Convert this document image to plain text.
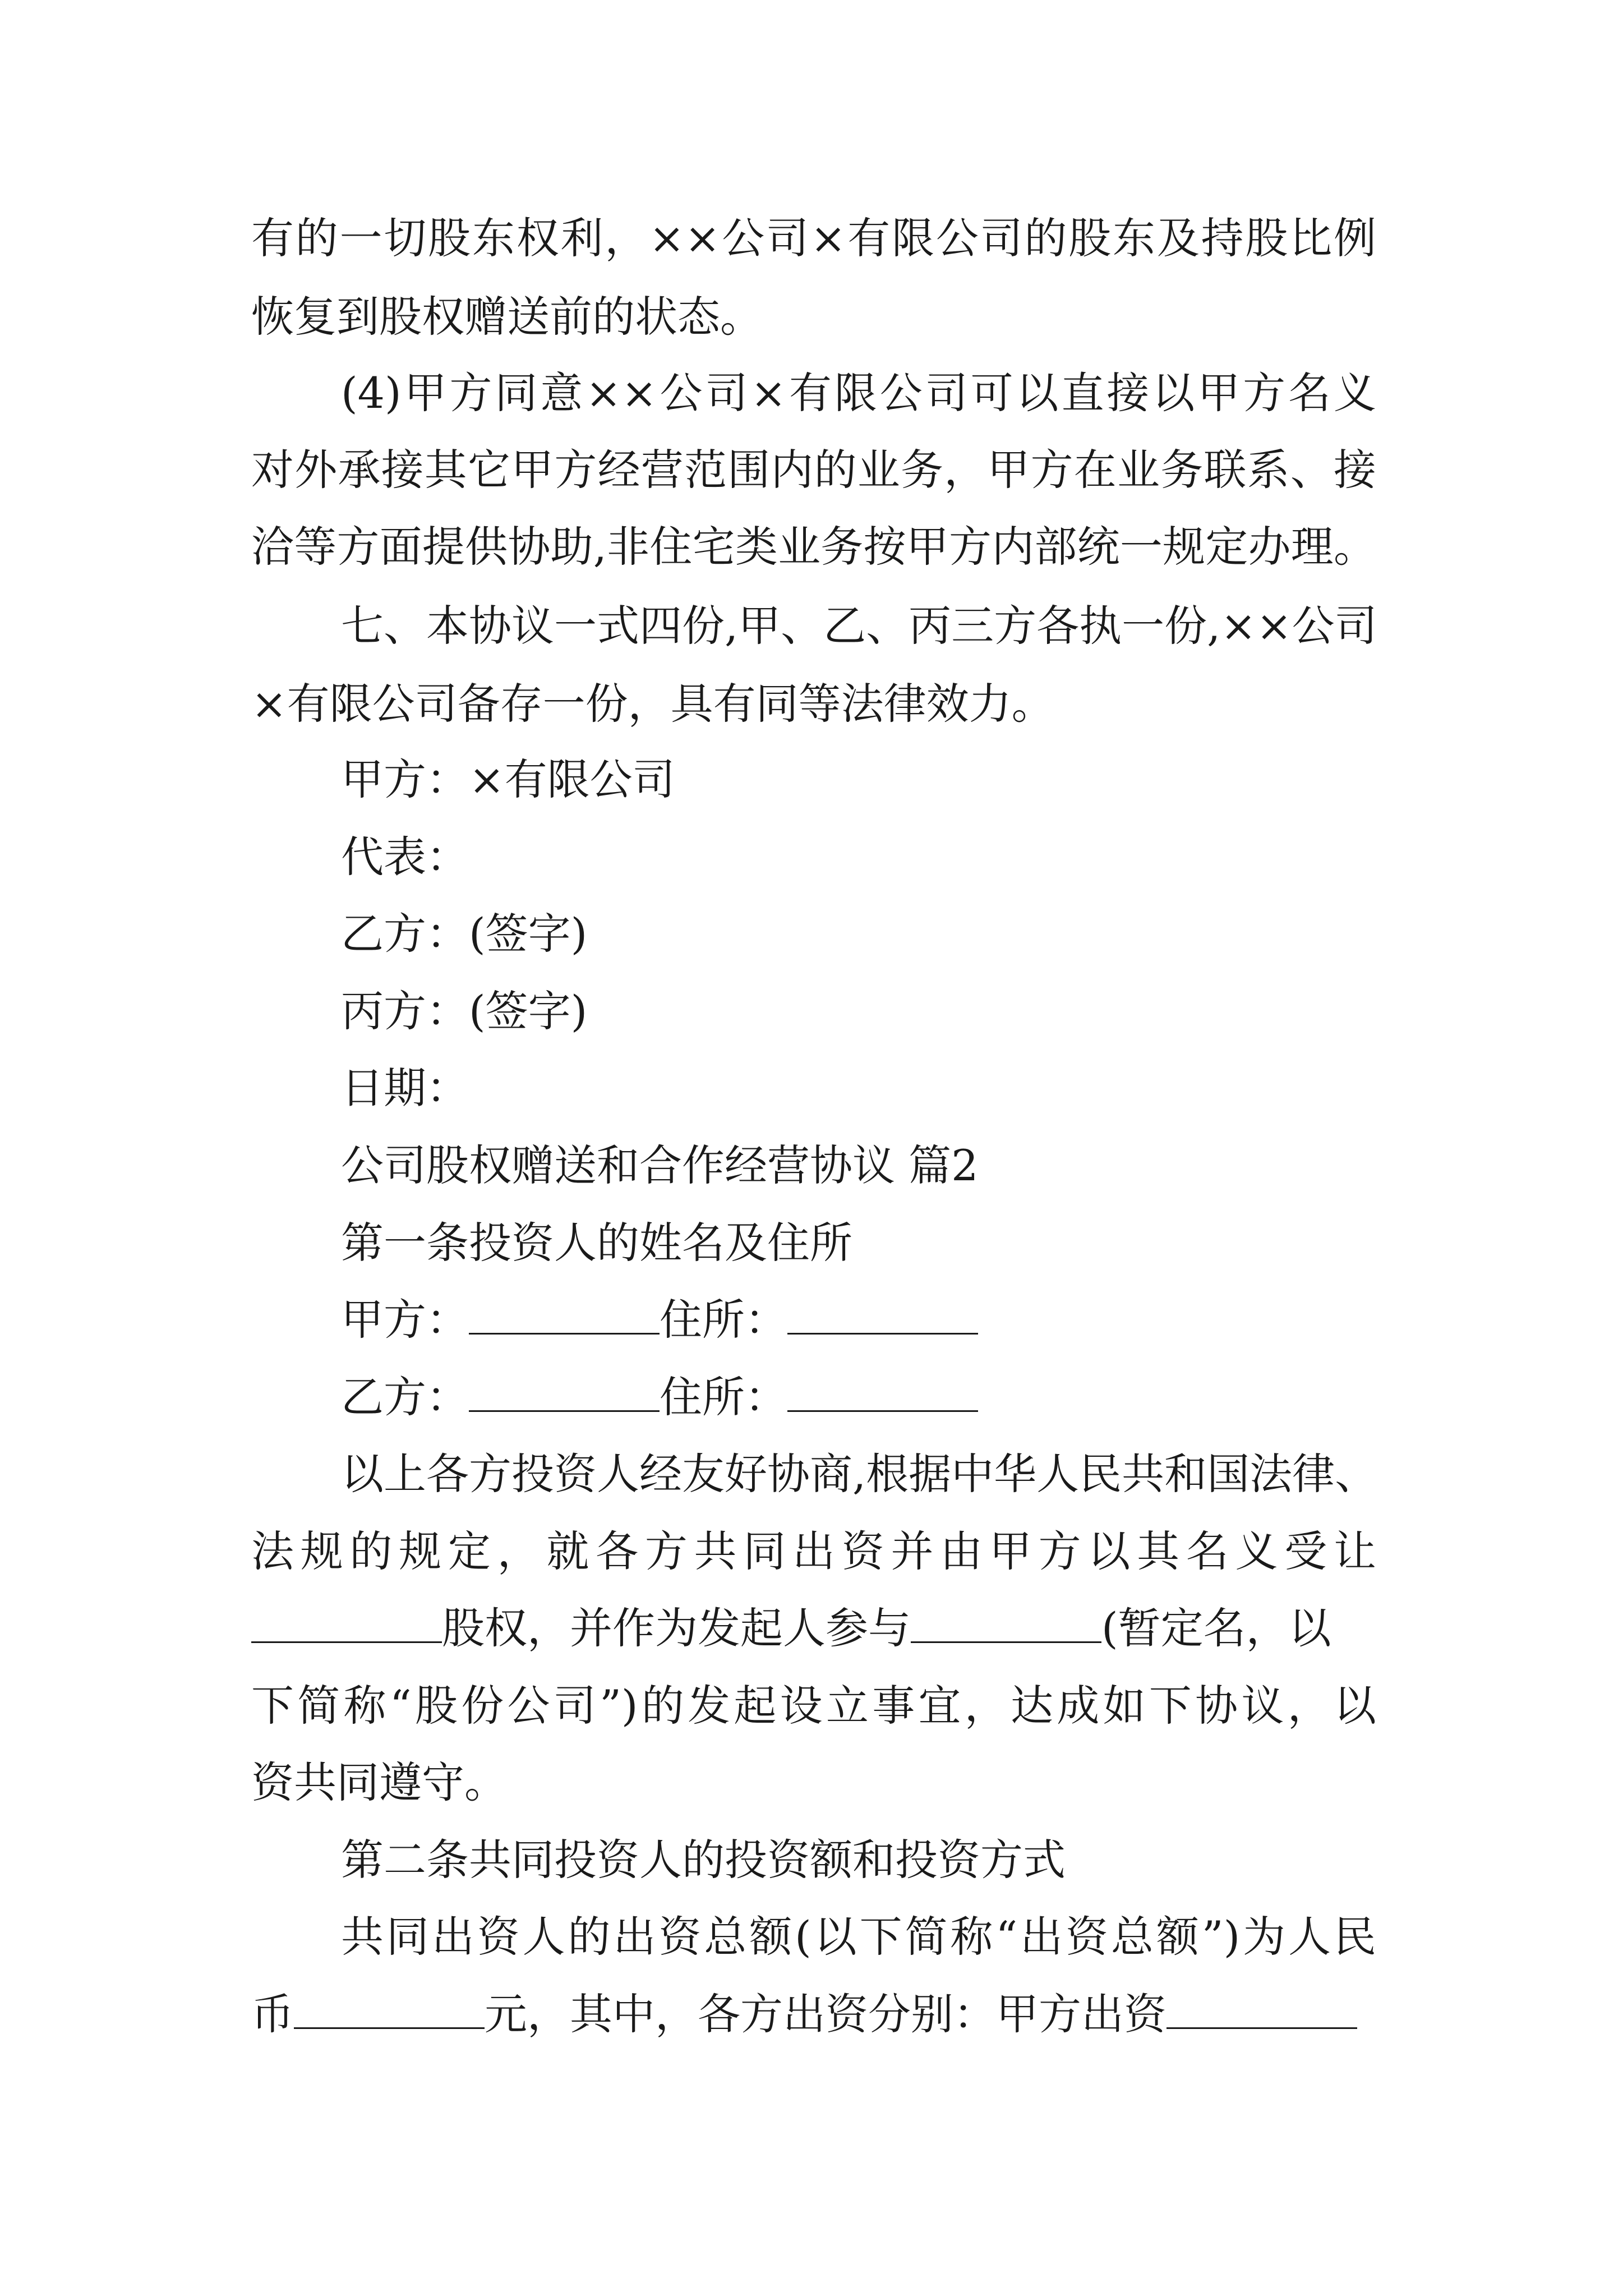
有的一切股东权利，××公司×有限公司的股东及持股比例
恢复到股权赠送前的状态。
(4)甲方同意××公司×有限公司可以直接以甲方名义
对外承接其它甲方经营范围内的业务，甲方在业务联系、接
洽等方面提供协助,非住宅类业务按甲方内部统一规定办理。
七、本协议一式四份,甲、乙、丙三方各执一份,××公司
×有限公司备存一份，具有同等法律效力。
甲方：×有限公司
代表：
乙方：(签字)
丙方：(签字)
日期：
公司股权赠送和合作经营协议 篇2
第一条投资人的姓名及住所
甲方：	住所：
乙方：	住所：
以上各方投资人经友好协商,根据中华人民共和国法律、
法规的规定，就各方共同出资并由甲方以其名义受让
股权，并作为发起人参与	(暂定名，以
下简称“股份公司”)的发起设立事宜，达成如下协议，以
资共同遵守。
第二条共同投资人的投资额和投资方式
共同出资人的出资总额(以下简称“出资总额”)为人民
币	元，其中，各方出资分别：甲方出资
